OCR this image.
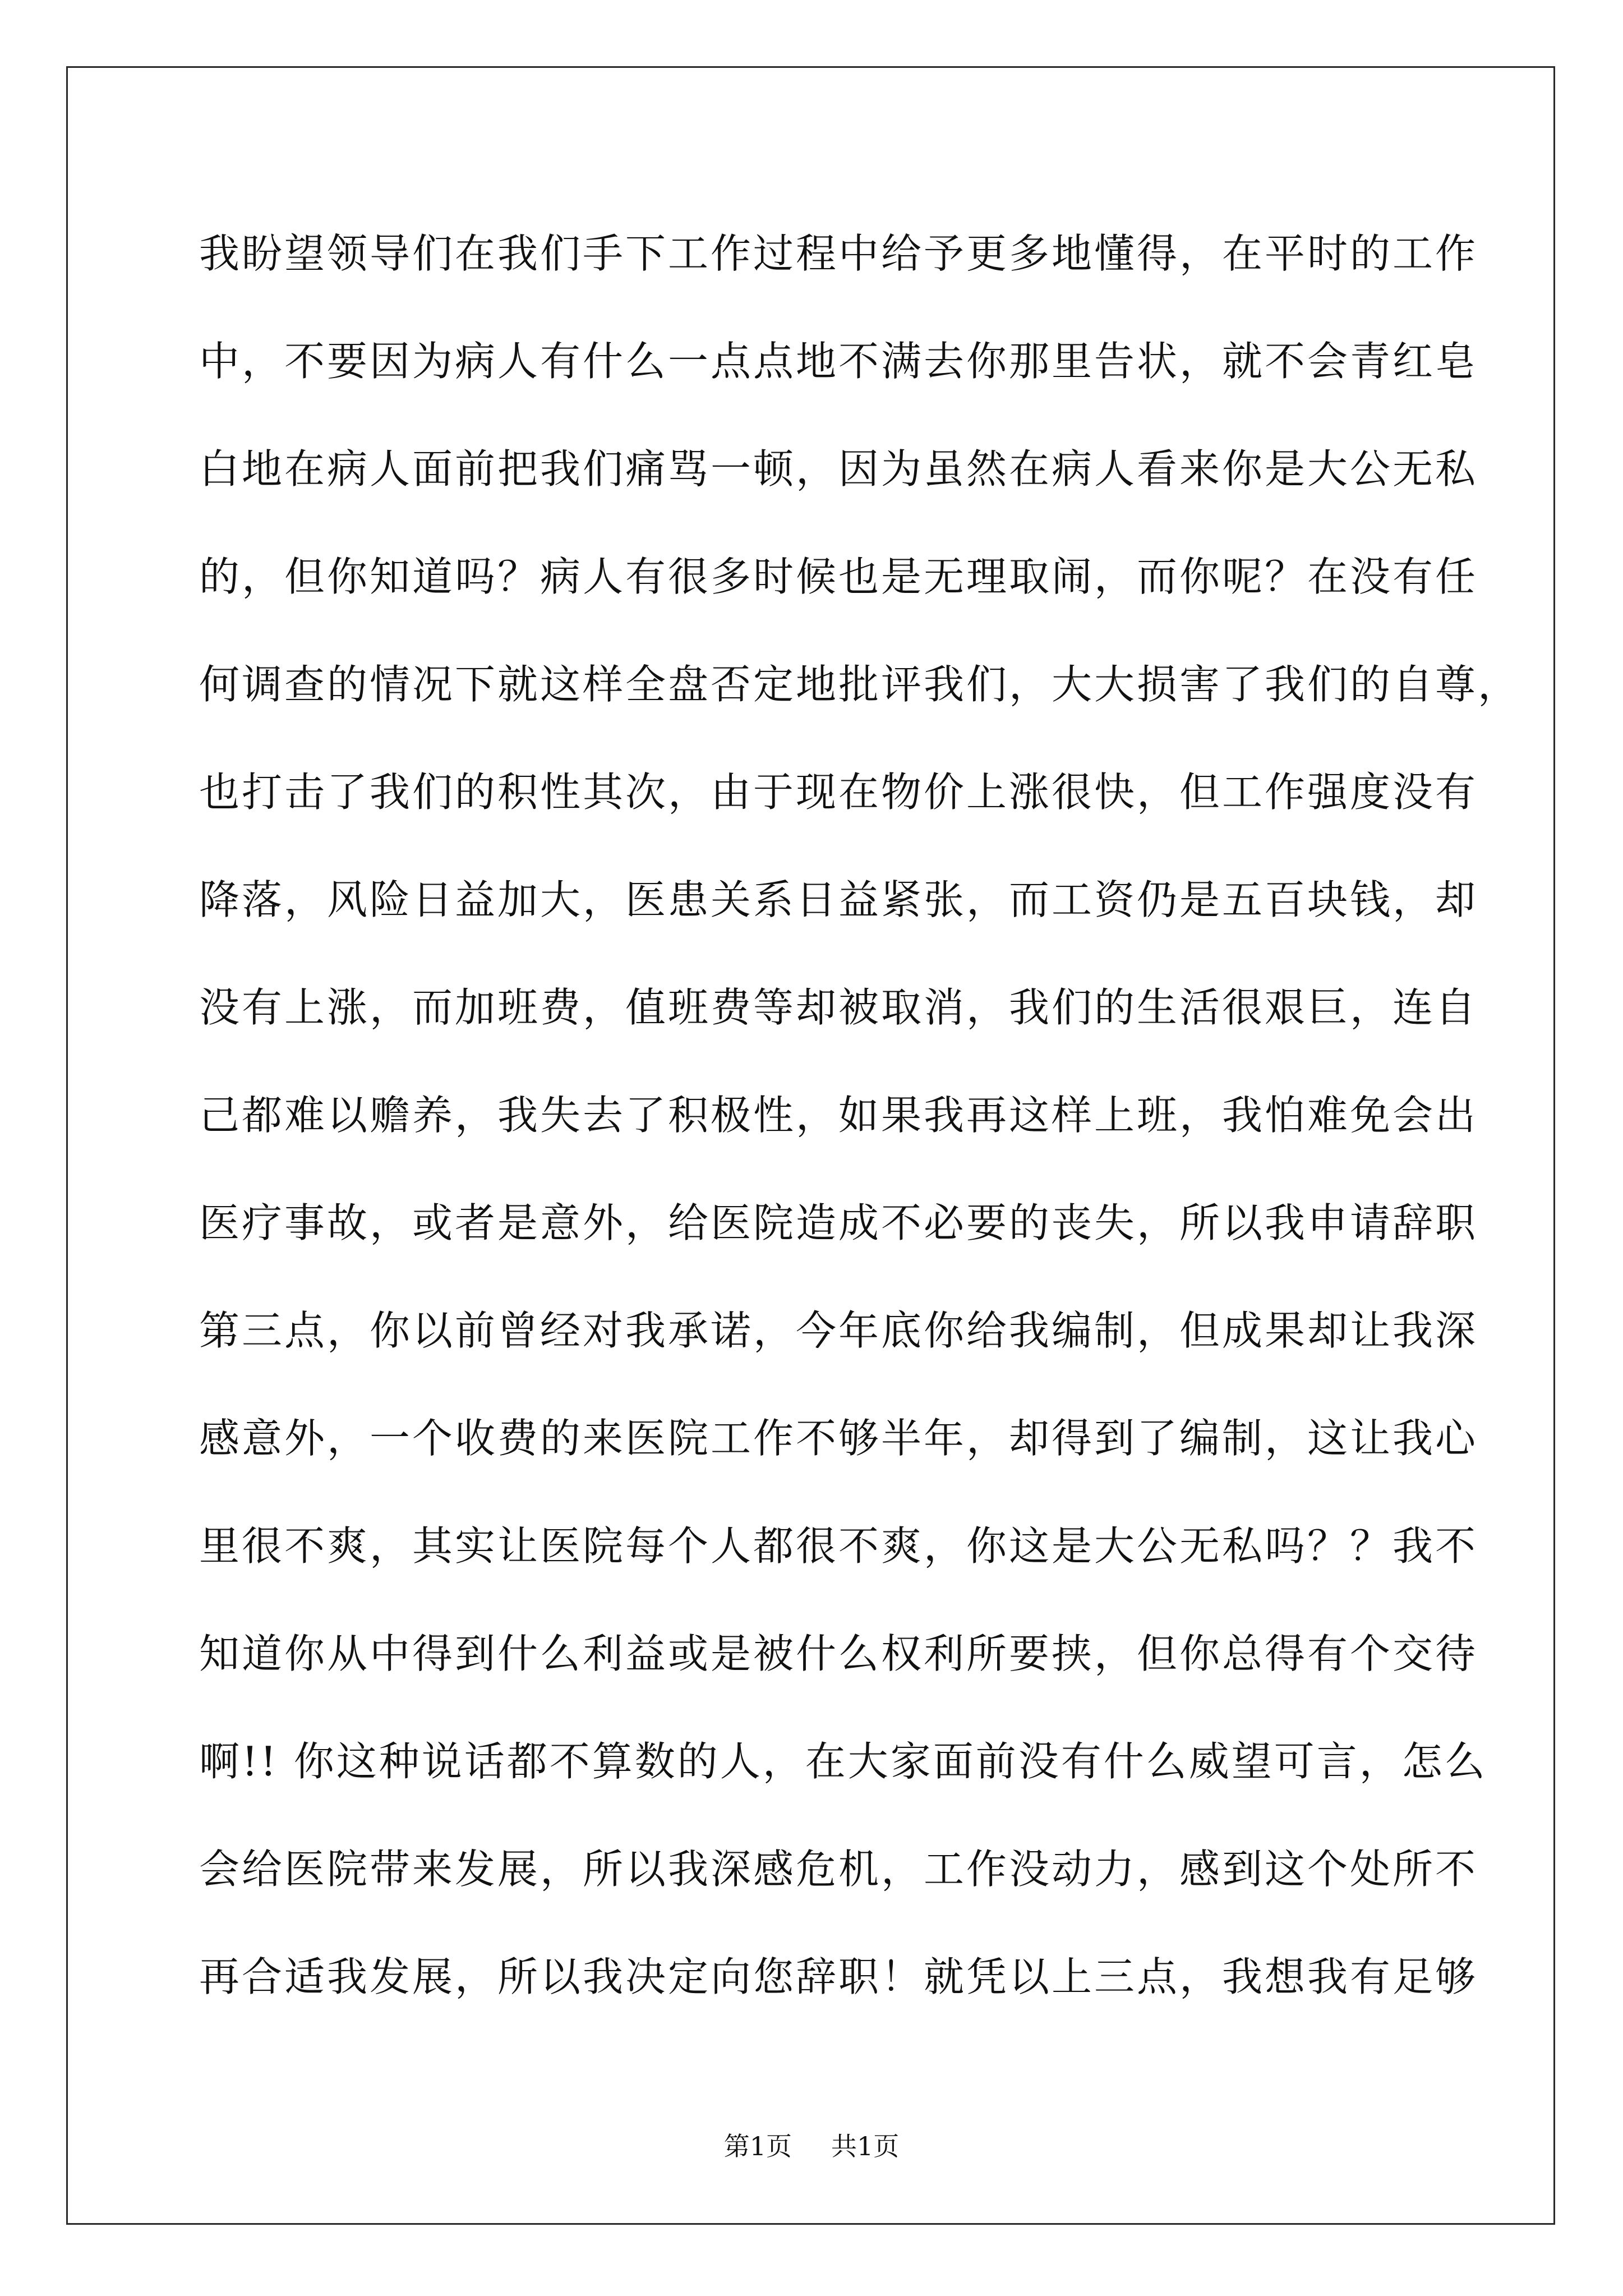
我盼望领导们在我们手下工作过程中给予更多地懂得，在平时的工作
中，不要因为病人有什么一点点地不满去你那里告状，就不会青红皂
白地在病人面前把我们痛骂一顿，因为虽然在病人看来你是大公无私
的，但你知道吗？病人有很多时候也是无理取闹，而你呢？在没有任
何调查的情况下就这样全盘否定地批评我们，大大损害了我们的自尊，
也打击了我们的积性其次，由于现在物价上涨很快，但工作强度没有
降落，风险日益加大，医患关系日益紧张，而工资仍是五百块钱，却
没有上涨，而加班费，值班费等却被取消，我们的生活很艰巨，连自
己都难以赡养，我失去了积极性，如果我再这样上班，我怕难免会出
医疗事故，或者是意外，给医院造成不必要的丧失，所以我申请辞职
第三点，你以前曾经对我承诺，今年底你给我编制，但成果却让我深
感意外，一个收费的来医院工作不够半年，却得到了编制，这让我心
里很不爽，其实让医院每个人都很不爽，你这是大公无私吗？？我不
知道你从中得到什么利益或是被什么权利所要挟，但你总得有个交待
啊!! 你这种说话都不算数的人，在大家面前没有什么威望可言，怎么
会给医院带来发展，所以我深感危机，工作没动力，感到这个处所不
再合适我发展，所以我决定向您辞职！就凭以上三点，我想我有足够
第1页 共1页
